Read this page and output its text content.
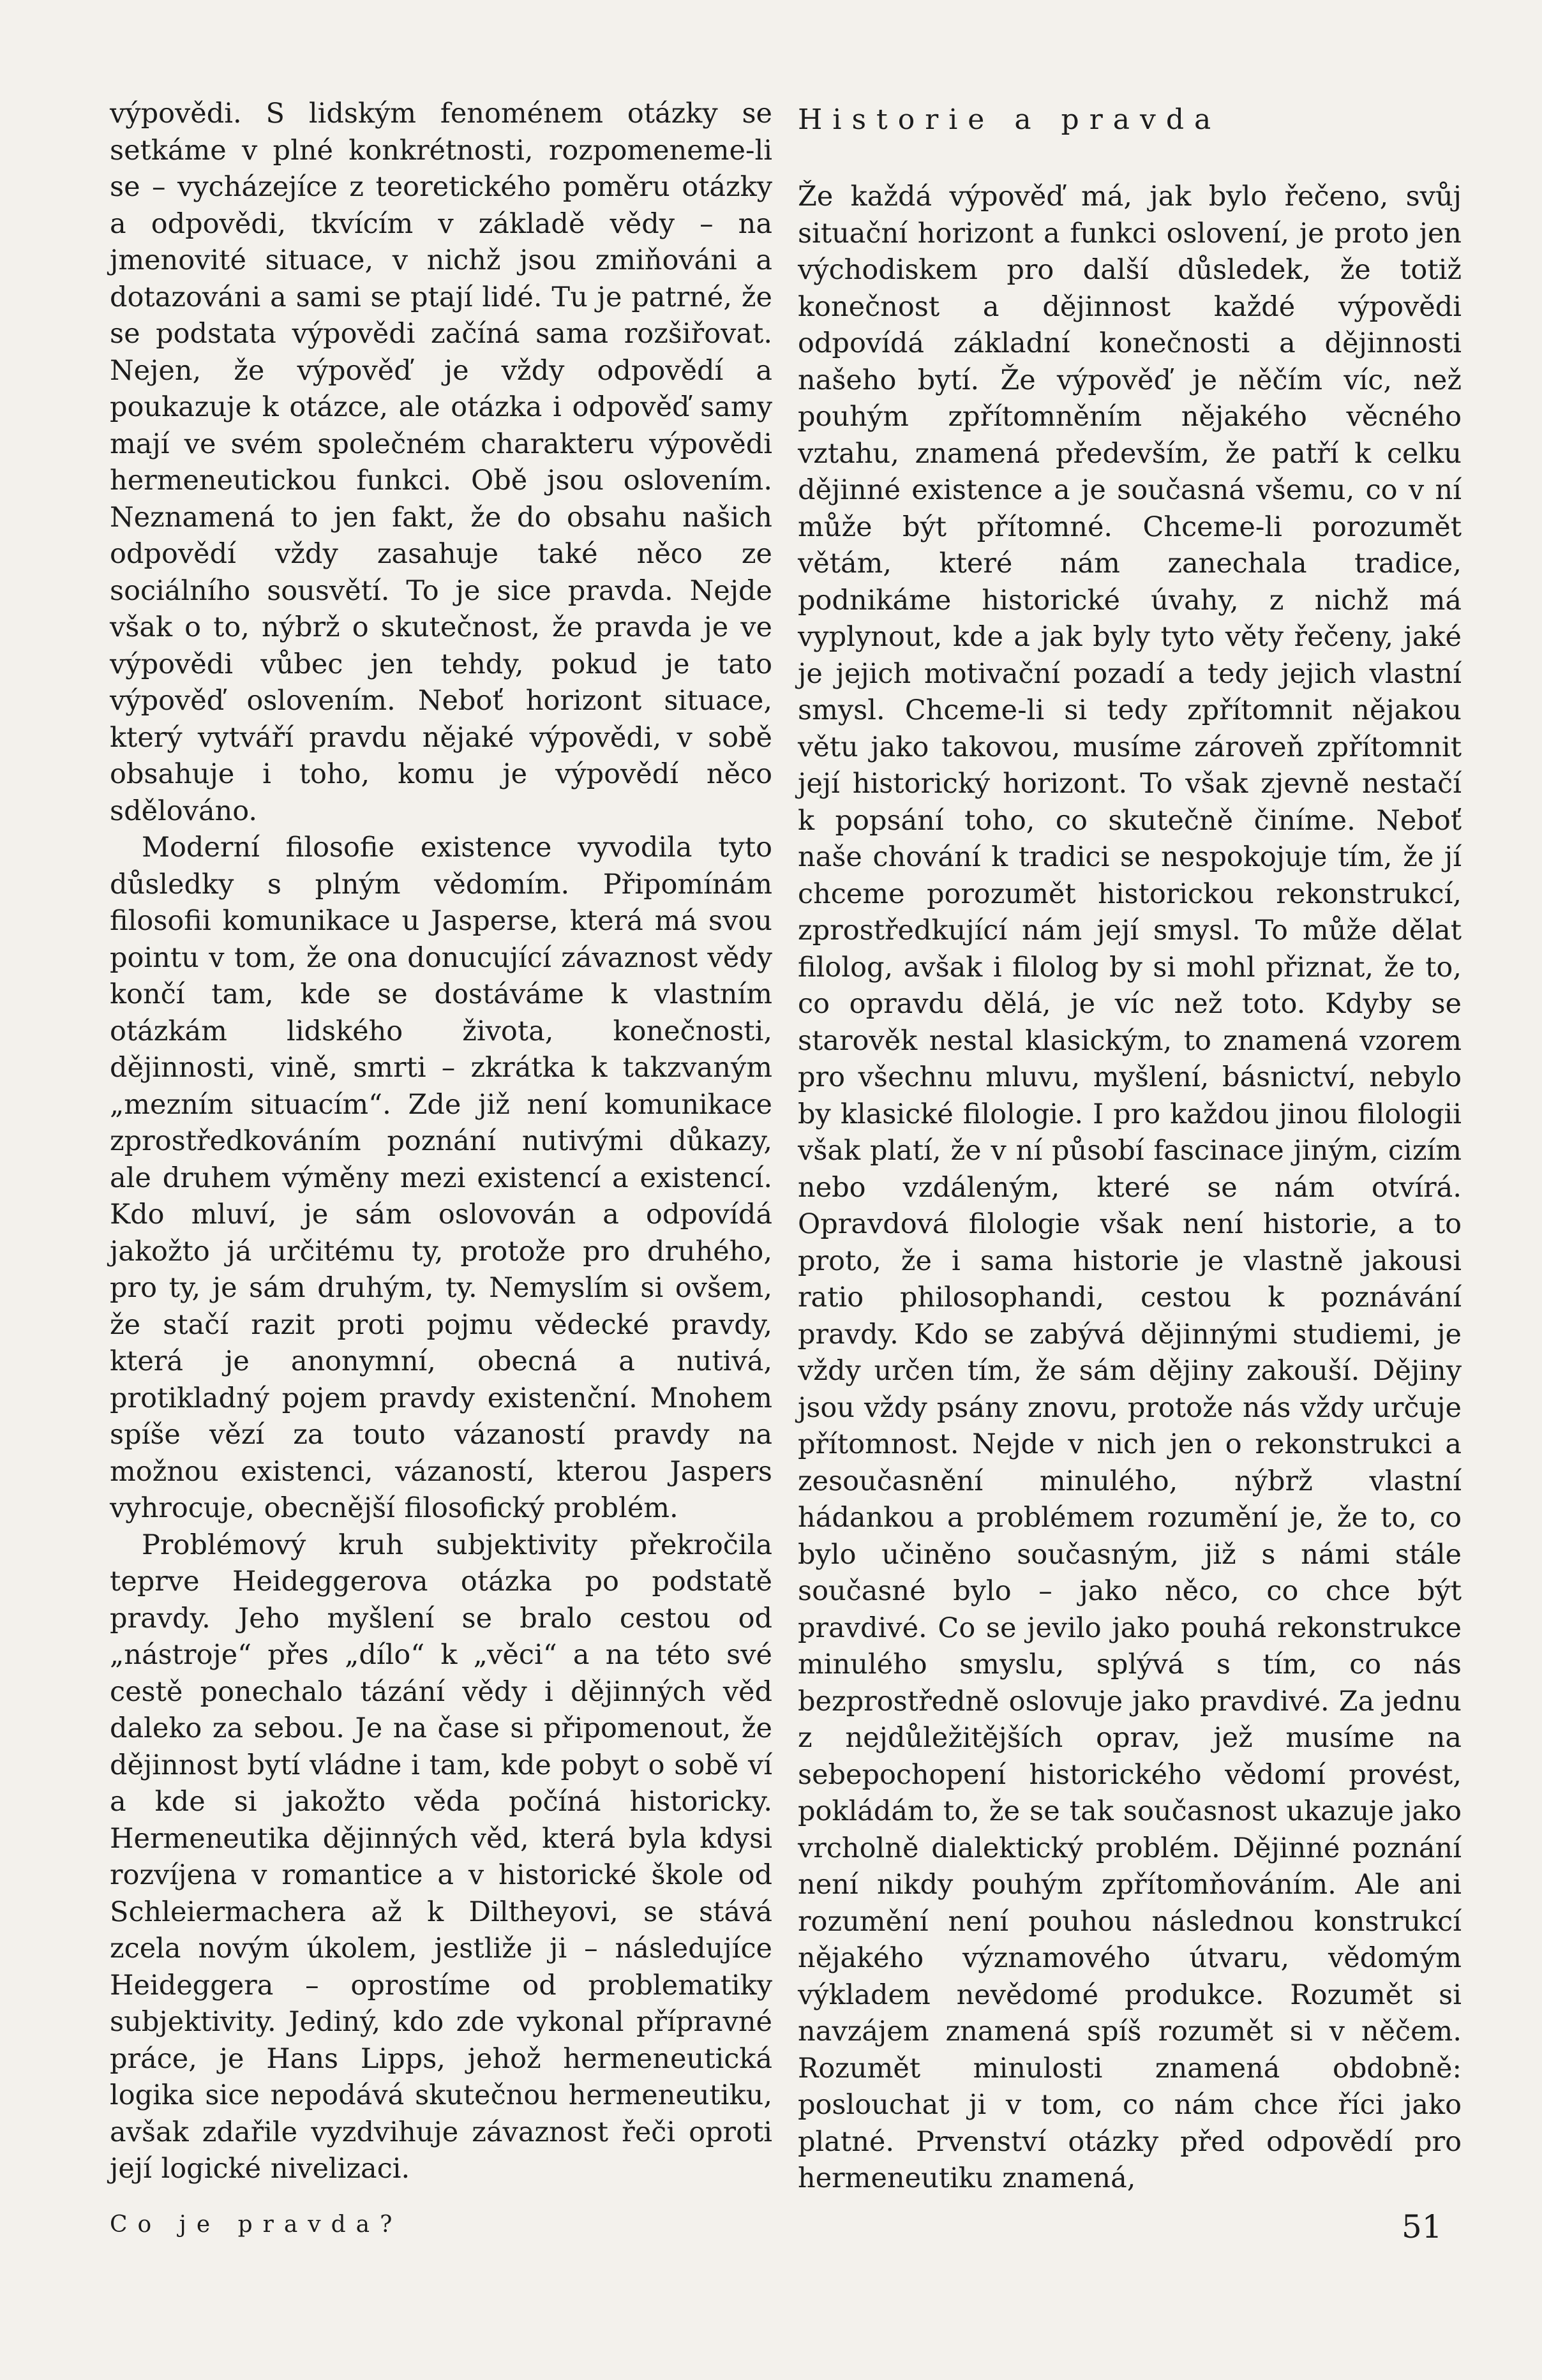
výpovědi. S lidským fenoménem otázky se setkáme v plné konkrétnosti, rozpomeneme-li se – vycházejíce z teoretického poměru otázky a odpovědi, tkvícím v základě vědy – na jmenovité situace, v nichž jsou zmiňováni a dotazováni a sami se ptají lidé. Tu je patrné, že se podstata výpovědi začíná sama rozšiřovat. Nejen, že výpověď je vždy odpovědí a poukazuje k otázce, ale otázka i odpověď samy mají ve svém společném charakteru výpovědi hermeneutickou funkci. Obě jsou oslovením. Neznamená to jen fakt, že do obsahu našich odpovědí vždy zasahuje také něco ze sociálního sousvětí. To je sice pravda. Nejde však o to, nýbrž o skutečnost, že pravda je ve výpovědi vůbec jen tehdy, pokud je tato výpověď oslovením. Neboť horizont situace, který vytváří pravdu nějaké výpovědi, v sobě obsahuje i toho, komu je výpovědí něco sdělováno.

Moderní filosofie existence vyvodila tyto důsledky s plným vědomím. Připomínám filosofii komunikace u Jasperse, která má svou pointu v tom, že ona donucující závaznost vědy končí tam, kde se dostáváme k vlastním otázkám lidského života, konečnosti, dějinnosti, vině, smrti – zkrátka k takzvaným „mezním situacím“. Zde již není komunikace zprostředkováním poznání nutivými důkazy, ale druhem výměny mezi existencí a existencí. Kdo mluví, je sám oslovován a odpovídá jakožto já určitému ty, protože pro druhého, pro ty, je sám druhým, ty. Nemyslím si ovšem, že stačí razit proti pojmu vědecké pravdy, která je anonymní, obecná a nutivá, protikladný pojem pravdy existenční. Mnohem spíše vězí za touto vázaností pravdy na možnou existenci, vázaností, kterou Jaspers vyhrocuje, obecnější filosofický problém.

Problémový kruh subjektivity překročila teprve Heideggerova otázka po podstatě pravdy. Jeho myšlení se bralo cestou od „nástroje“ přes „dílo“ k „věci“ a na této své cestě ponechalo tázání vědy i dějinných věd daleko za sebou. Je na čase si připomenout, že dějinnost bytí vládne i tam, kde pobyt o sobě ví a kde si jakožto věda počíná historicky. Hermeneutika dějinných věd, která byla kdysi rozvíjena v romantice a v historické škole od Schleiermachera až k Diltheyovi, se stává zcela novým úkolem, jestliže ji – následujíce Heideggera – oprostíme od problematiky subjektivity. Jediný, kdo zde vykonal přípravné práce, je Hans Lipps, jehož hermeneutická logika sice nepodává skutečnou hermeneutiku, avšak zdařile vyzdvihuje závaznost řeči oproti její logické nivelizaci.

Historie a pravda

Že každá výpověď má, jak bylo řečeno, svůj situační horizont a funkci oslovení, je proto jen východiskem pro další důsledek, že totiž konečnost a dějinnost každé výpovědi odpovídá základní konečnosti a dějinnosti našeho bytí. Že výpověď je něčím víc, než pouhým zpřítomněním nějakého věcného vztahu, znamená především, že patří k celku dějinné existence a je současná všemu, co v ní může být přítomné. Chceme-li porozumět větám, které nám zanechala tradice, podnikáme historické úvahy, z nichž má vyplynout, kde a jak byly tyto věty řečeny, jaké je jejich motivační pozadí a tedy jejich vlastní smysl. Chceme-li si tedy zpřítomnit nějakou větu jako takovou, musíme zároveň zpřítomnit její historický horizont. To však zjevně nestačí k popsání toho, co skutečně činíme. Neboť naše chování k tradici se nespokojuje tím, že jí chceme porozumět historickou rekonstrukcí, zprostředkující nám její smysl. To může dělat filolog, avšak i filolog by si mohl přiznat, že to, co opravdu dělá, je víc než toto. Kdyby se starověk nestal klasickým, to znamená vzorem pro všechnu mluvu, myšlení, básnictví, nebylo by klasické filologie. I pro každou jinou filologii však platí, že v ní působí fascinace jiným, cizím nebo vzdáleným, které se nám otvírá. Opravdová filologie však není historie, a to proto, že i sama historie je vlastně jakousi ratio philosophandi, cestou k poznávání pravdy. Kdo se zabývá dějinnými studiemi, je vždy určen tím, že sám dějiny zakouší. Dějiny jsou vždy psány znovu, protože nás vždy určuje přítomnost. Nejde v nich jen o rekonstrukci a zesoučasnění minulého, nýbrž vlastní hádankou a problémem rozumění je, že to, co bylo učiněno současným, již s námi stále současné bylo – jako něco, co chce být pravdivé. Co se jevilo jako pouhá rekonstrukce minulého smyslu, splývá s tím, co nás bezprostředně oslovuje jako pravdivé. Za jednu z nejdůležitějších oprav, jež musíme na sebepochopení historického vědomí provést, pokládám to, že se tak současnost ukazuje jako vrcholně dialektický problém. Dějinné poznání není nikdy pouhým zpřítomňováním. Ale ani rozumění není pouhou následnou konstrukcí nějakého významového útvaru, vědomým výkladem nevědomé produkce. Rozumět si navzájem znamená spíš rozumět si v něčem. Rozumět minulosti znamená obdobně: poslouchat ji v tom, co nám chce říci jako platné. Prvenství otázky před odpovědí pro hermeneutiku znamená,

Co je pravda?	51
